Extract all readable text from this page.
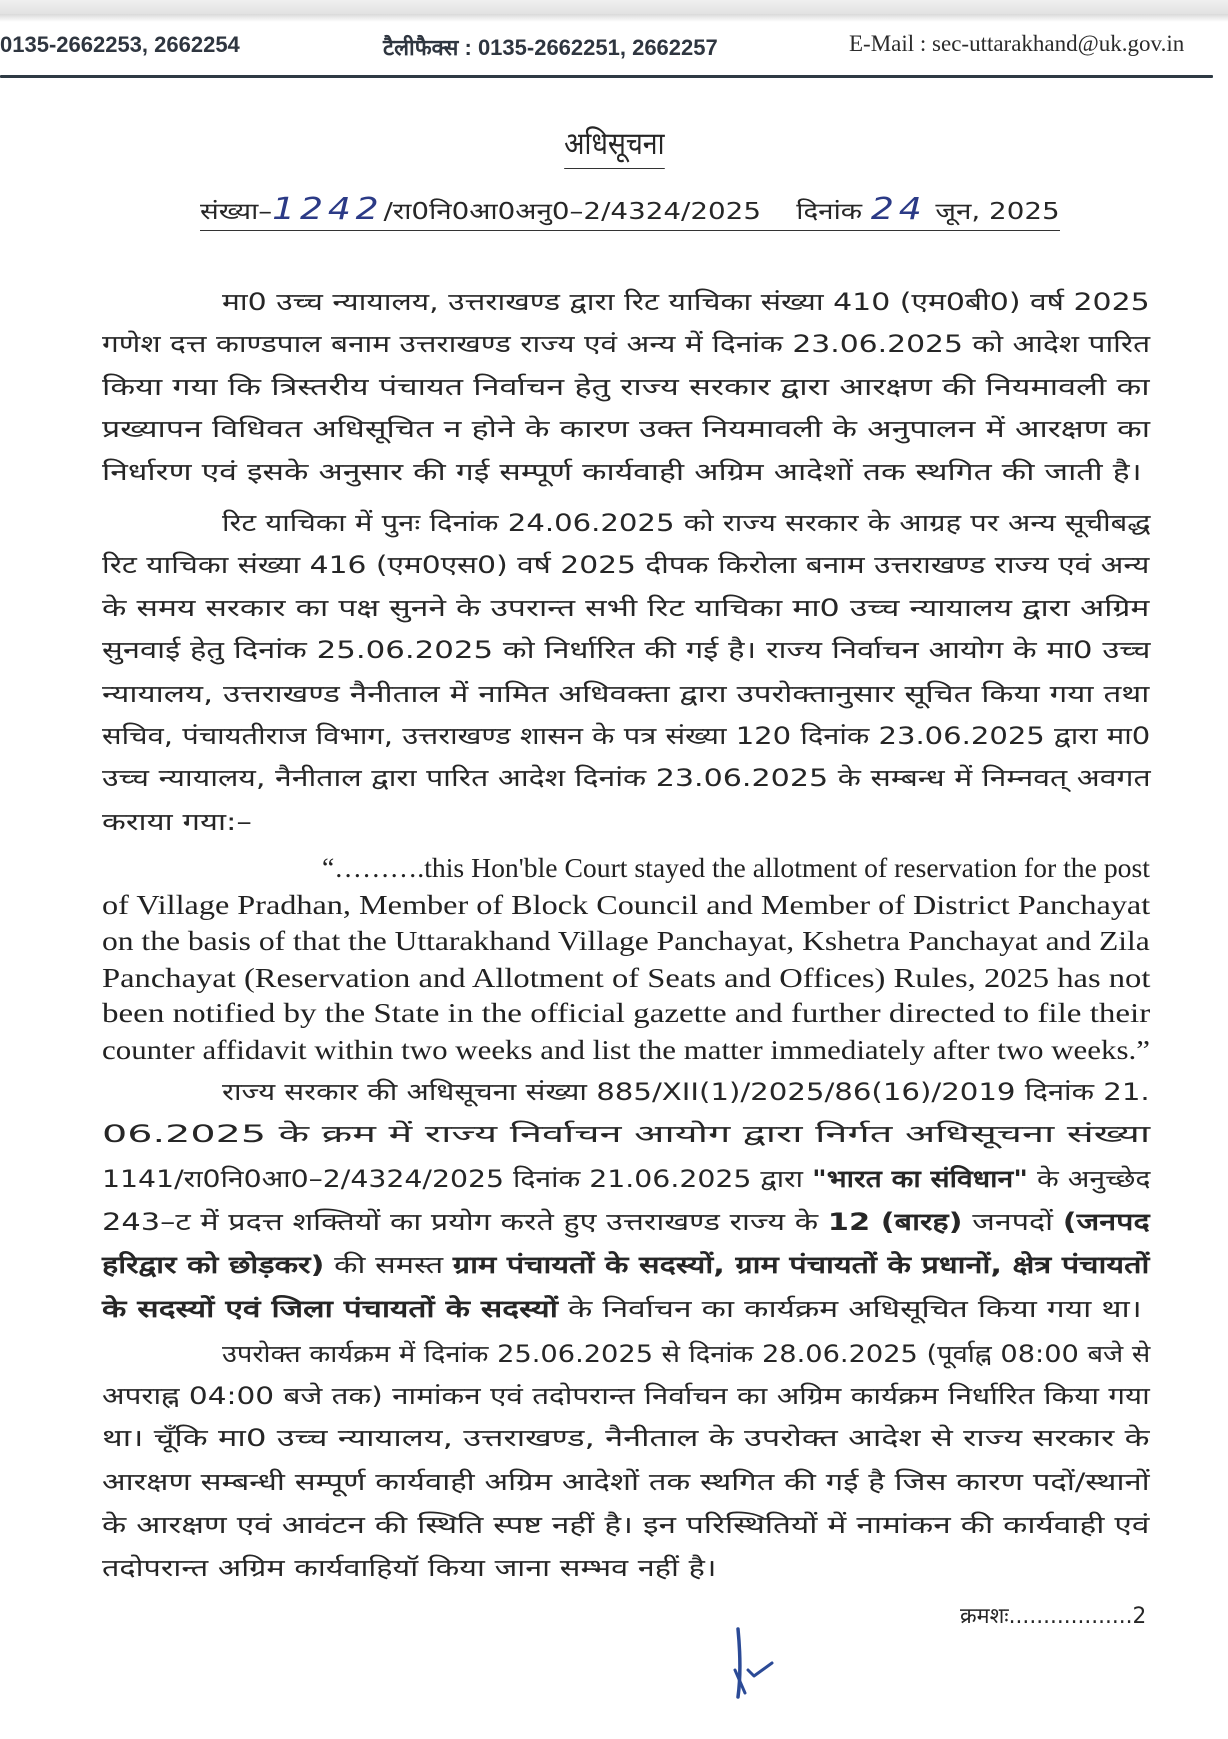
0135-2662253, 2662254	टैलीफैक्स : 0135-2662251, 2662257	E-Mail : sec-uttarakhand@uk.gov.in
अधिसूचना
संख्या–1242/रा0नि0आ0अनु0–2/4324/2025 दिनांक 24 जून, 2025
मा0 उच्च न्यायालय, उत्तराखण्ड द्वारा रिट याचिका संख्या 410 (एम0बी0) वर्ष 2025
गणेश दत्त काण्डपाल बनाम उत्तराखण्ड राज्य एवं अन्य में दिनांक 23.06.2025 को आदेश पारित
किया गया कि त्रिस्तरीय पंचायत निर्वाचन हेतु राज्य सरकार द्वारा आरक्षण की नियमावली का
प्रख्यापन विधिवत अधिसूचित न होने के कारण उक्त नियमावली के अनुपालन में आरक्षण का
निर्धारण एवं इसके अनुसार की गई सम्पूर्ण कार्यवाही अग्रिम आदेशों तक स्थगित की जाती है।
रिट याचिका में पुनः दिनांक 24.06.2025 को राज्य सरकार के आग्रह पर अन्य सूचीबद्ध
रिट याचिका संख्या 416 (एम0एस0) वर्ष 2025 दीपक किरोला बनाम उत्तराखण्ड राज्य एवं अन्य
के समय सरकार का पक्ष सुनने के उपरान्त सभी रिट याचिका मा0 उच्च न्यायालय द्वारा अग्रिम
सुनवाई हेतु दिनांक 25.06.2025 को निर्धारित की गई है। राज्य निर्वाचन आयोग के मा0 उच्च
न्यायालय, उत्तराखण्ड नैनीताल में नामित अधिवक्ता द्वारा उपरोक्तानुसार सूचित किया गया तथा
सचिव, पंचायतीराज विभाग, उत्तराखण्ड शासन के पत्र संख्या 120 दिनांक 23.06.2025 द्वारा मा0
उच्च न्यायालय, नैनीताल द्वारा पारित आदेश दिनांक 23.06.2025 के सम्बन्ध में निम्नवत् अवगत
कराया गया:–
“……….this Hon'ble Court stayed the allotment of reservation for the post
of Village Pradhan, Member of Block Council and Member of District Panchayat
on the basis of that the Uttarakhand Village Panchayat, Kshetra Panchayat and Zila
Panchayat (Reservation and Allotment of Seats and Offices) Rules, 2025 has not
been notified by the State in the official gazette and further directed to file their
counter affidavit within two weeks and list the matter immediately after two weeks.”
राज्य सरकार की अधिसूचना संख्या 885/XII(1)/2025/86(16)/2019 दिनांक 21.
06.2025 के क्रम में राज्य निर्वाचन आयोग द्वारा निर्गत अधिसूचना संख्या
1141/रा0नि0आ0–2/4324/2025 दिनांक 21.06.2025 द्वारा "भारत का संविधान" के अनुच्छेद
243–ट में प्रदत्त शक्तियों का प्रयोग करते हुए उत्तराखण्ड राज्य के 12 (बारह) जनपदों (जनपद
हरिद्वार को छोड़कर) की समस्त ग्राम पंचायतों के सदस्यों, ग्राम पंचायतों के प्रधानों, क्षेत्र पंचायतों
के सदस्यों एवं जिला पंचायतों के सदस्यों के निर्वाचन का कार्यक्रम अधिसूचित किया गया था।
उपरोक्त कार्यक्रम में दिनांक 25.06.2025 से दिनांक 28.06.2025 (पूर्वाह्न 08:00 बजे से
अपराह्न 04:00 बजे तक) नामांकन एवं तदोपरान्त निर्वाचन का अग्रिम कार्यक्रम निर्धारित किया गया
था। चूँकि मा0 उच्च न्यायालय, उत्तराखण्ड, नैनीताल के उपरोक्त आदेश से राज्य सरकार के
आरक्षण सम्बन्धी सम्पूर्ण कार्यवाही अग्रिम आदेशों तक स्थगित की गई है जिस कारण पदों/स्थानों
के आरक्षण एवं आवंटन की स्थिति स्पष्ट नहीं है। इन परिस्थितियों में नामांकन की कार्यवाही एवं
तदोपरान्त अग्रिम कार्यवाहियॉ किया जाना सम्भव नहीं है।
क्रमशः..................2
